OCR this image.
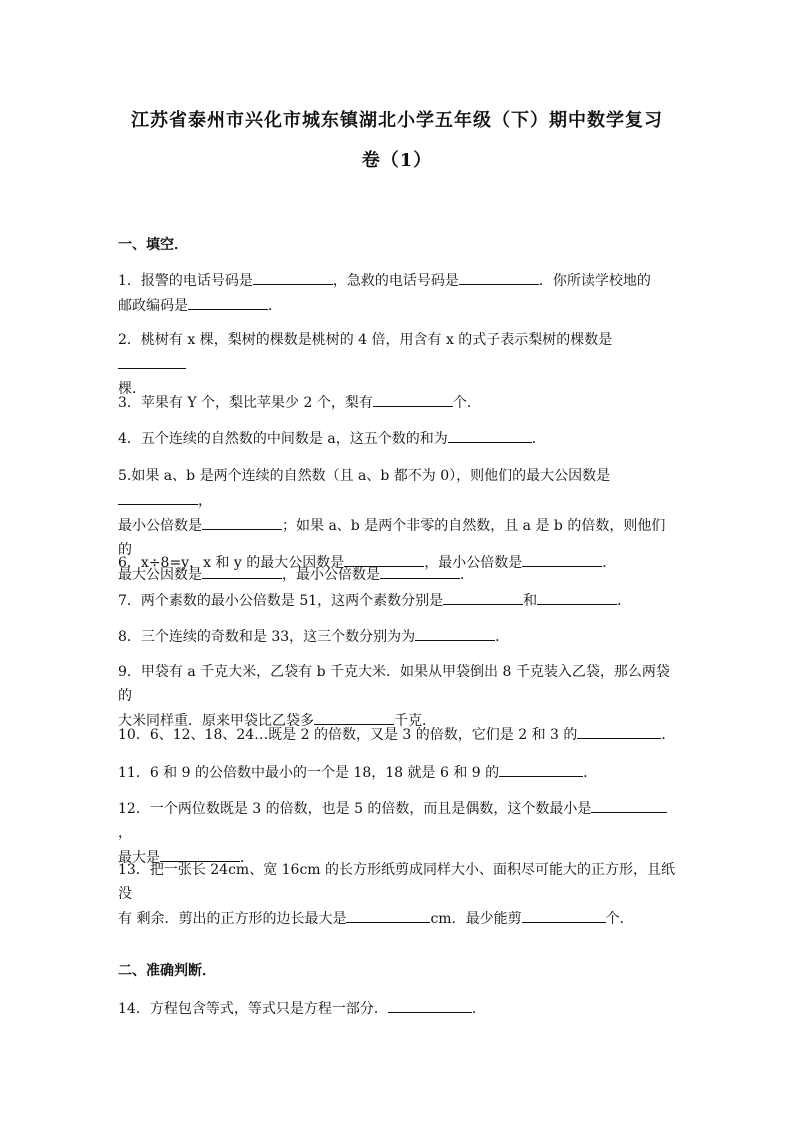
江苏省泰州市兴化市城东镇湖北小学五年级（下）期中数学复习
卷（1）
一、填空．
1．报警的电话号码是	，急救的电话号码是	．你所读学校地的
邮政编码是	．
2．桃树有 x 棵，梨树的棵数是桃树的 4 倍，用含有 x 的式子表示梨树的棵数是
棵．
3．苹果有 Y 个，梨比苹果少 2 个，梨有	个．
4．五个连续的自然数的中间数是 a，这五个数的和为	．
5.如果 a、b 是两个连续的自然数（且 a、b 都不为 0），则他们的最大公因数是，
最小公倍数是	；如果 a、b 是两个非零的自然数，且 a 是 b 的倍数，则他们的
最大公因数是	，最小公倍数是	．
6．x÷8=y，x 和 y 的最大公因数是	，最小公倍数是	．
7．两个素数的最小公倍数是 51，这两个素数分别是	和	．
8．三个连续的奇数和是 33，这三个数分别为为	．
9．甲袋有 a 千克大米，乙袋有 b 千克大米．如果从甲袋倒出 8 千克装入乙袋，那么两袋的
大米同样重．原来甲袋比乙袋多	千克．
10．6、12、18、24…既是 2 的倍数，又是 3 的倍数，它们是 2 和 3 的	．
11．6 和 9 的公倍数中最小的一个是 18，18 就是 6 和 9 的	．
12．一个两位数既是 3 的倍数，也是 5 的倍数，而且是偶数，这个数最小是，
最大是	．
13．把一张长 24cm、宽 16cm 的长方形纸剪成同样大小、面积尽可能大的正方形，且纸没
有 剩余．剪出的正方形的边长最大是	cm．最少能剪	个．
二、准确判断．
14．方程包含等式，等式只是方程一部分．	．
